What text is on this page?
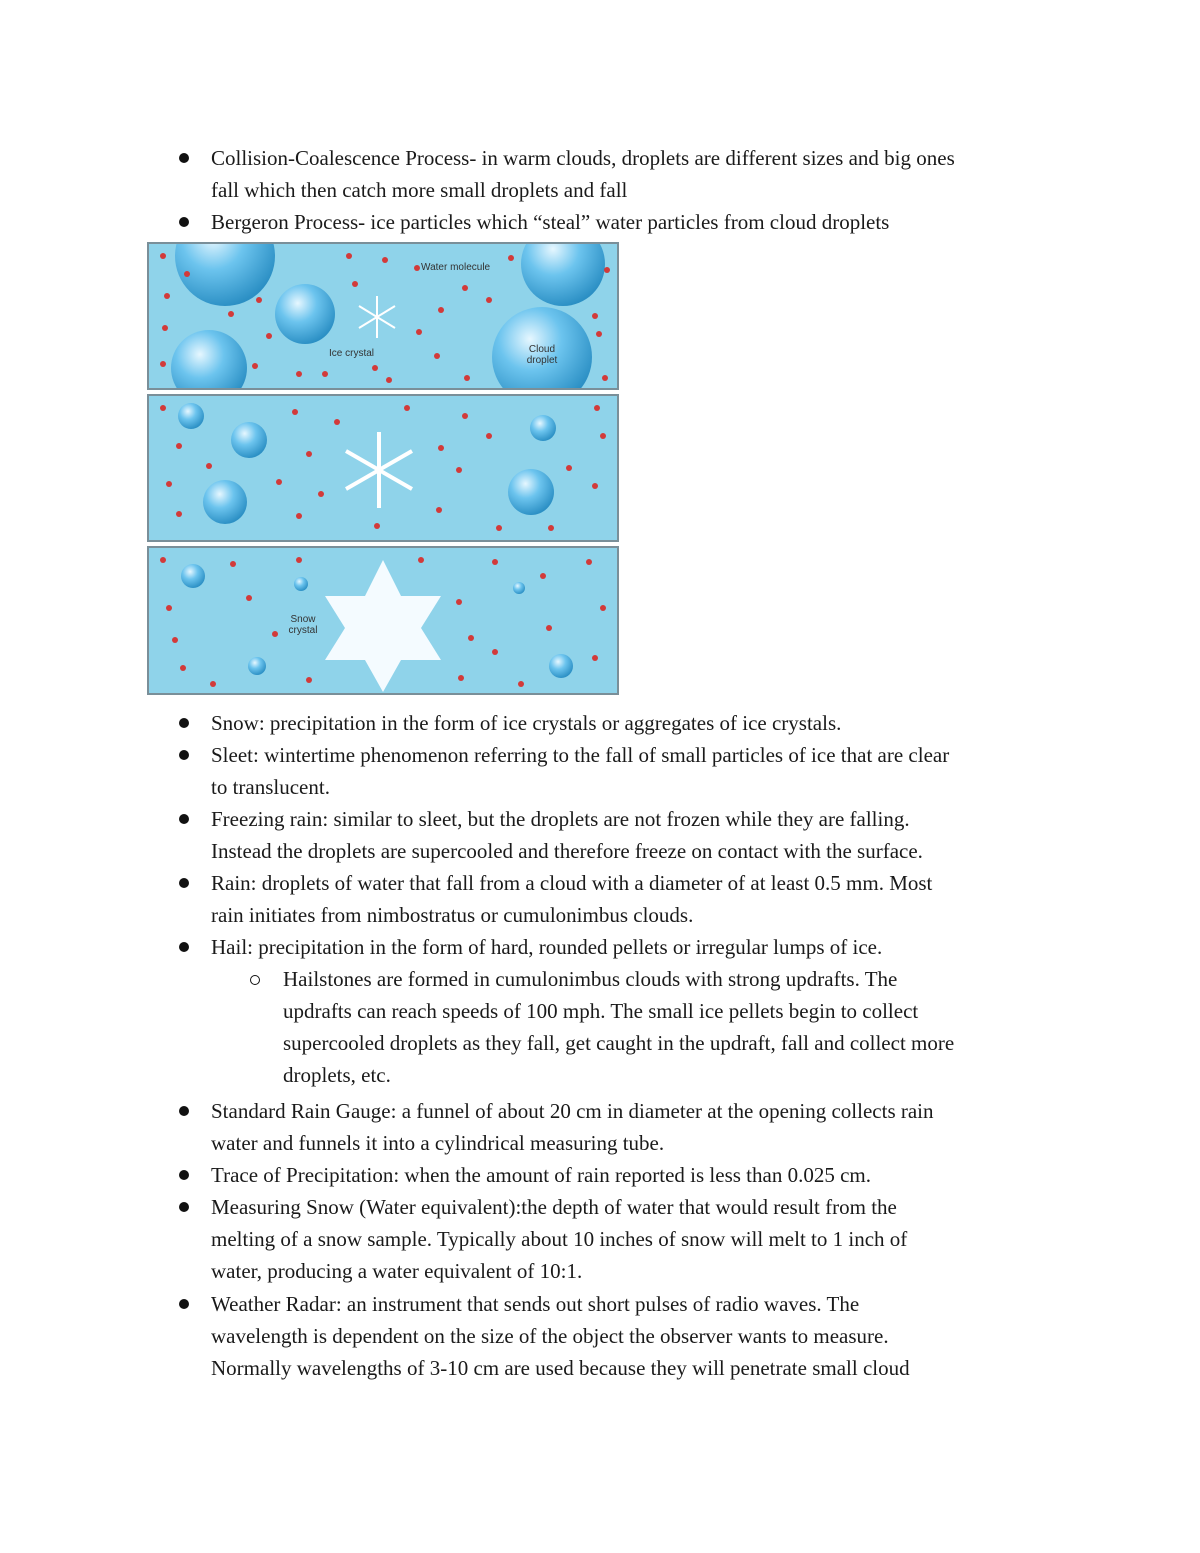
Collision-Coalescence Process- in warm clouds, droplets are different sizes and big ones
fall which then catch more small droplets and fall
Bergeron Process- ice particles which “steal” water particles from cloud droplets
Water molecule
Ice crystal	Cloud droplet
Snow crystal
Snow: precipitation in the form of ice crystals or aggregates of ice crystals.
Sleet: wintertime phenomenon referring to the fall of small particles of ice that are clear
to translucent.
Freezing rain: similar to sleet, but the droplets are not frozen while they are falling.
Instead the droplets are supercooled and therefore freeze on contact with the surface.
Rain: droplets of water that fall from a cloud with a diameter of at least 0.5 mm. Most
rain initiates from nimbostratus or cumulonimbus clouds.
Hail: precipitation in the form of hard, rounded pellets or irregular lumps of ice.
Hailstones are formed in cumulonimbus clouds with strong updrafts. The
updrafts can reach speeds of 100 mph. The small ice pellets begin to collect
supercooled droplets as they fall, get caught in the updraft, fall and collect more
droplets, etc.
Standard Rain Gauge: a funnel of about 20 cm in diameter at the opening collects rain
water and funnels it into a cylindrical measuring tube.
Trace of Precipitation: when the amount of rain reported is less than 0.025 cm.
Measuring Snow (Water equivalent):the depth of water that would result from the
melting of a snow sample. Typically about 10 inches of snow will melt to 1 inch of
water, producing a water equivalent of 10:1.
Weather Radar: an instrument that sends out short pulses of radio waves. The
wavelength is dependent on the size of the object the observer wants to measure.
Normally wavelengths of 3-10 cm are used because they will penetrate small cloud
